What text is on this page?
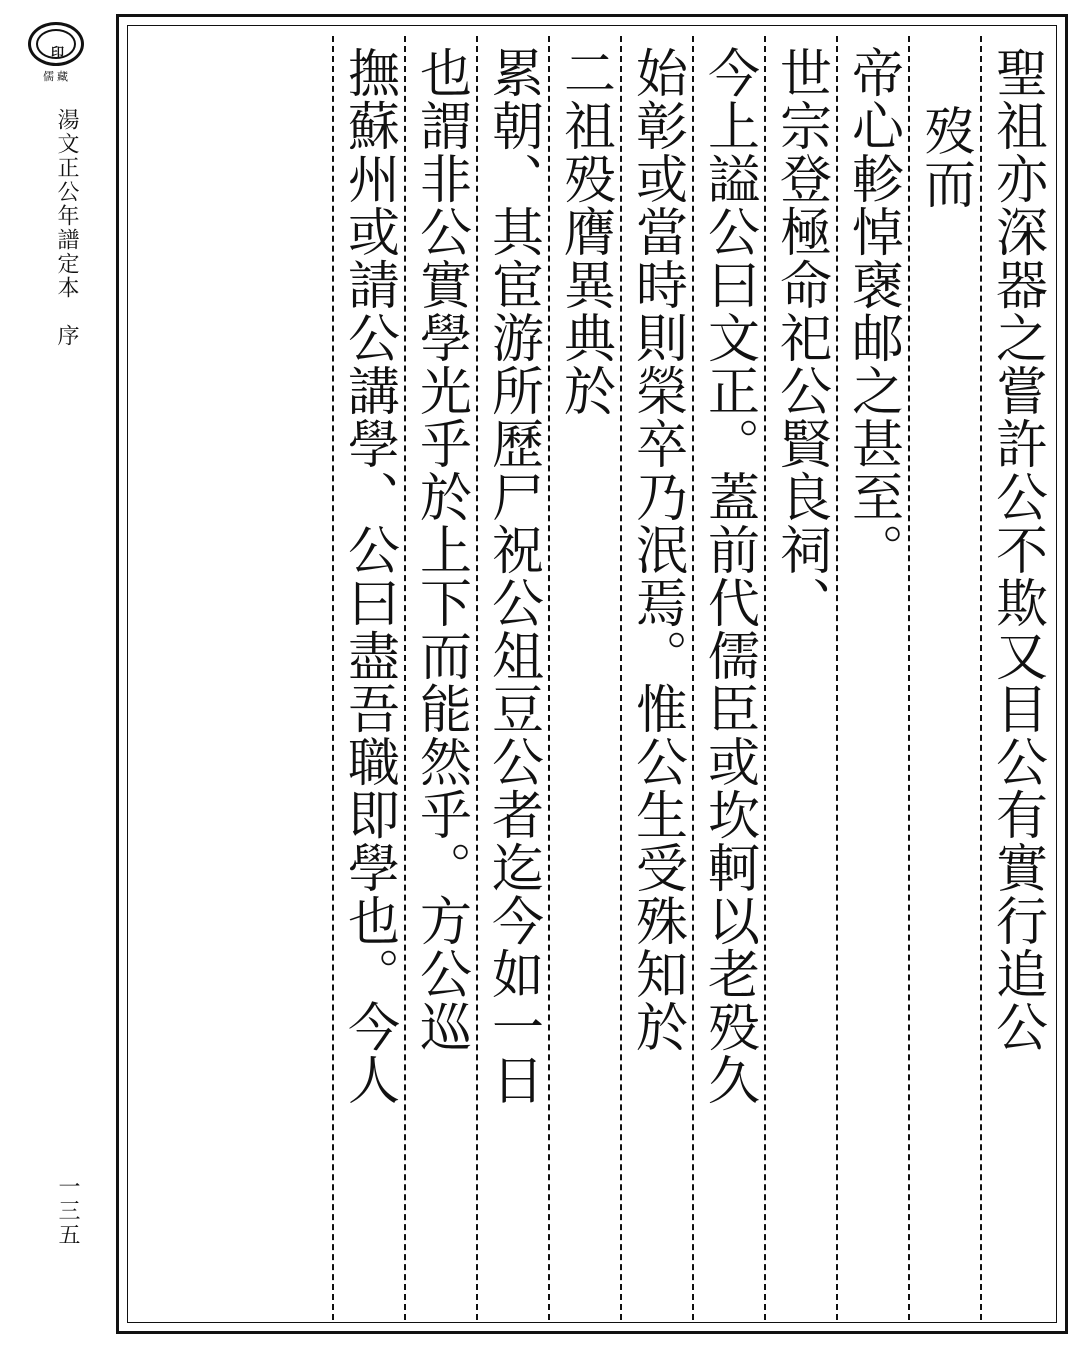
印
儒藏
湯文正公年譜定本　序
一三五
聖祖亦深器之嘗許公不欺又目公有實行追公
歿而
帝心軫悼襃邮之甚至。
世宗登極命祀公賢良祠、
今上謚公曰文正。蓋前代儒臣或坎軻以老殁久
始彰或當時則榮卒乃泯焉。惟公生受殊知於
二祖殁膺異典於
累朝、其宦游所歷尸祝公俎豆公者迄今如一日
也謂非公實學光乎於上下而能然乎。方公巡
撫蘇州或請公講學、公曰盡吾職即學也。今人
